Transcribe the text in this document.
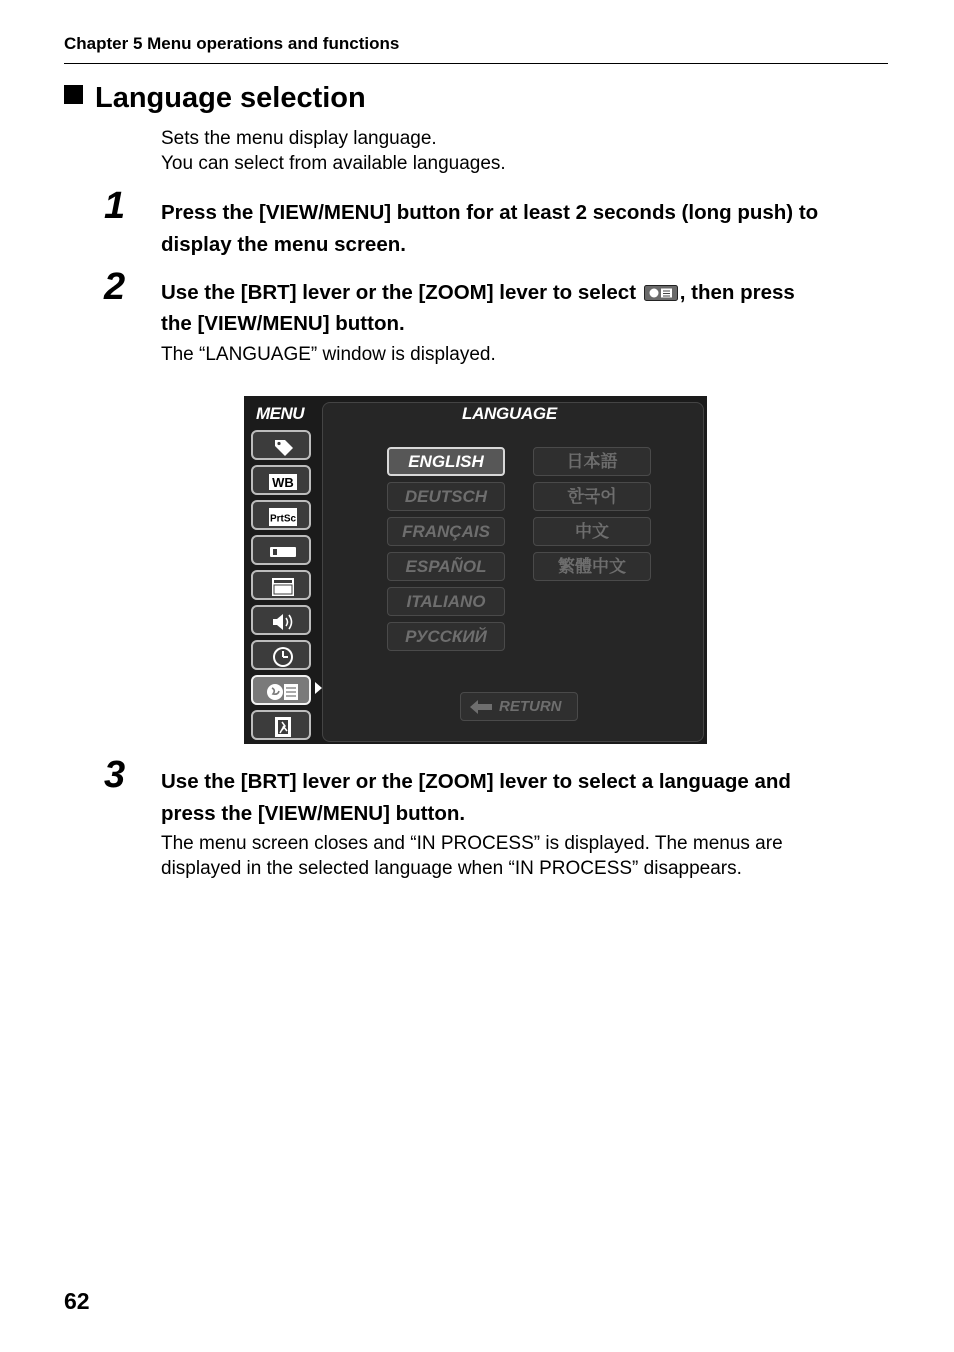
Chapter 5 Menu operations and functions
Language selection
Sets the menu display language.
You can select from available languages.
1 Press the [VIEW/MENU] button for at least 2 seconds (long push) to
display the menu screen.
2 Use the [BRT] lever or the [ZOOM] lever to select , then press
the [VIEW/MENU] button.
The “LANGUAGE” window is displayed.
MENU
WB
PrtSc
LANGUAGE
ENGLISH
DEUTSCH
FRANÇAIS
ESPAÑOL
ITALIANO
РУССКИЙ
日本語
한국어
中文
繁體中文
RETURN
3 Use the [BRT] lever or the [ZOOM] lever to select a language and
press the [VIEW/MENU] button.
The menu screen closes and “IN PROCESS” is displayed. The menus are
displayed in the selected language when “IN PROCESS” disappears.
62
